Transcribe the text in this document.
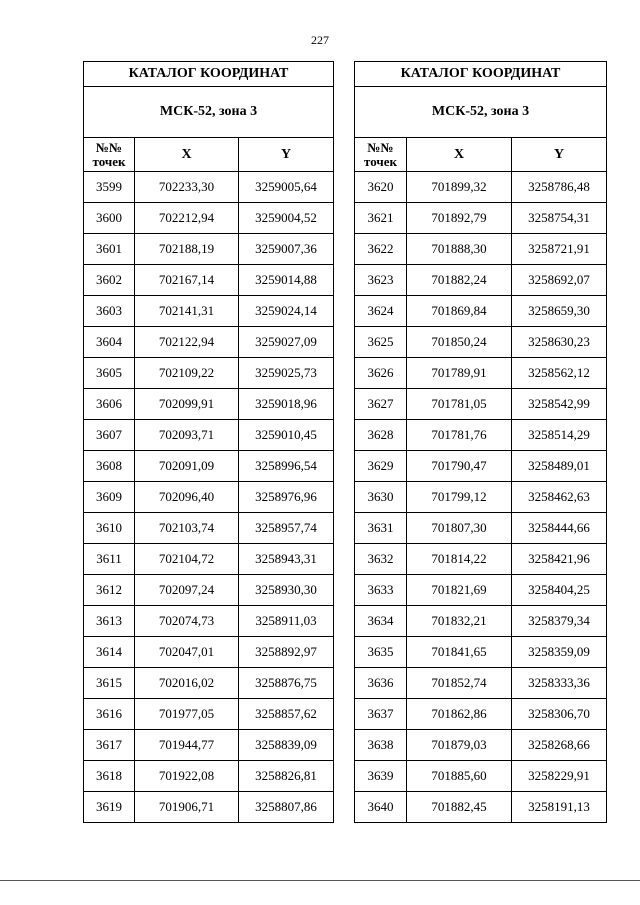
227
КАТАЛОГ КООРДИНАТ		
МСК-52, зона 3		
№№ точек	X	Y
3599	702233,30	3259005,64
3600	702212,94	3259004,52
3601	702188,19	3259007,36
3602	702167,14	3259014,88
3603	702141,31	3259024,14
3604	702122,94	3259027,09
3605	702109,22	3259025,73
3606	702099,91	3259018,96
3607	702093,71	3259010,45
3608	702091,09	3258996,54
3609	702096,40	3258976,96
3610	702103,74	3258957,74
3611	702104,72	3258943,31
3612	702097,24	3258930,30
3613	702074,73	3258911,03
3614	702047,01	3258892,97
3615	702016,02	3258876,75
3616	701977,05	3258857,62
3617	701944,77	3258839,09
3618	701922,08	3258826,81
3619	701906,71	3258807,86
КАТАЛОГ КООРДИНАТ		
МСК-52, зона 3		
№№ точек	X	Y
3620	701899,32	3258786,48
3621	701892,79	3258754,31
3622	701888,30	3258721,91
3623	701882,24	3258692,07
3624	701869,84	3258659,30
3625	701850,24	3258630,23
3626	701789,91	3258562,12
3627	701781,05	3258542,99
3628	701781,76	3258514,29
3629	701790,47	3258489,01
3630	701799,12	3258462,63
3631	701807,30	3258444,66
3632	701814,22	3258421,96
3633	701821,69	3258404,25
3634	701832,21	3258379,34
3635	701841,65	3258359,09
3636	701852,74	3258333,36
3637	701862,86	3258306,70
3638	701879,03	3258268,66
3639	701885,60	3258229,91
3640	701882,45	3258191,13
